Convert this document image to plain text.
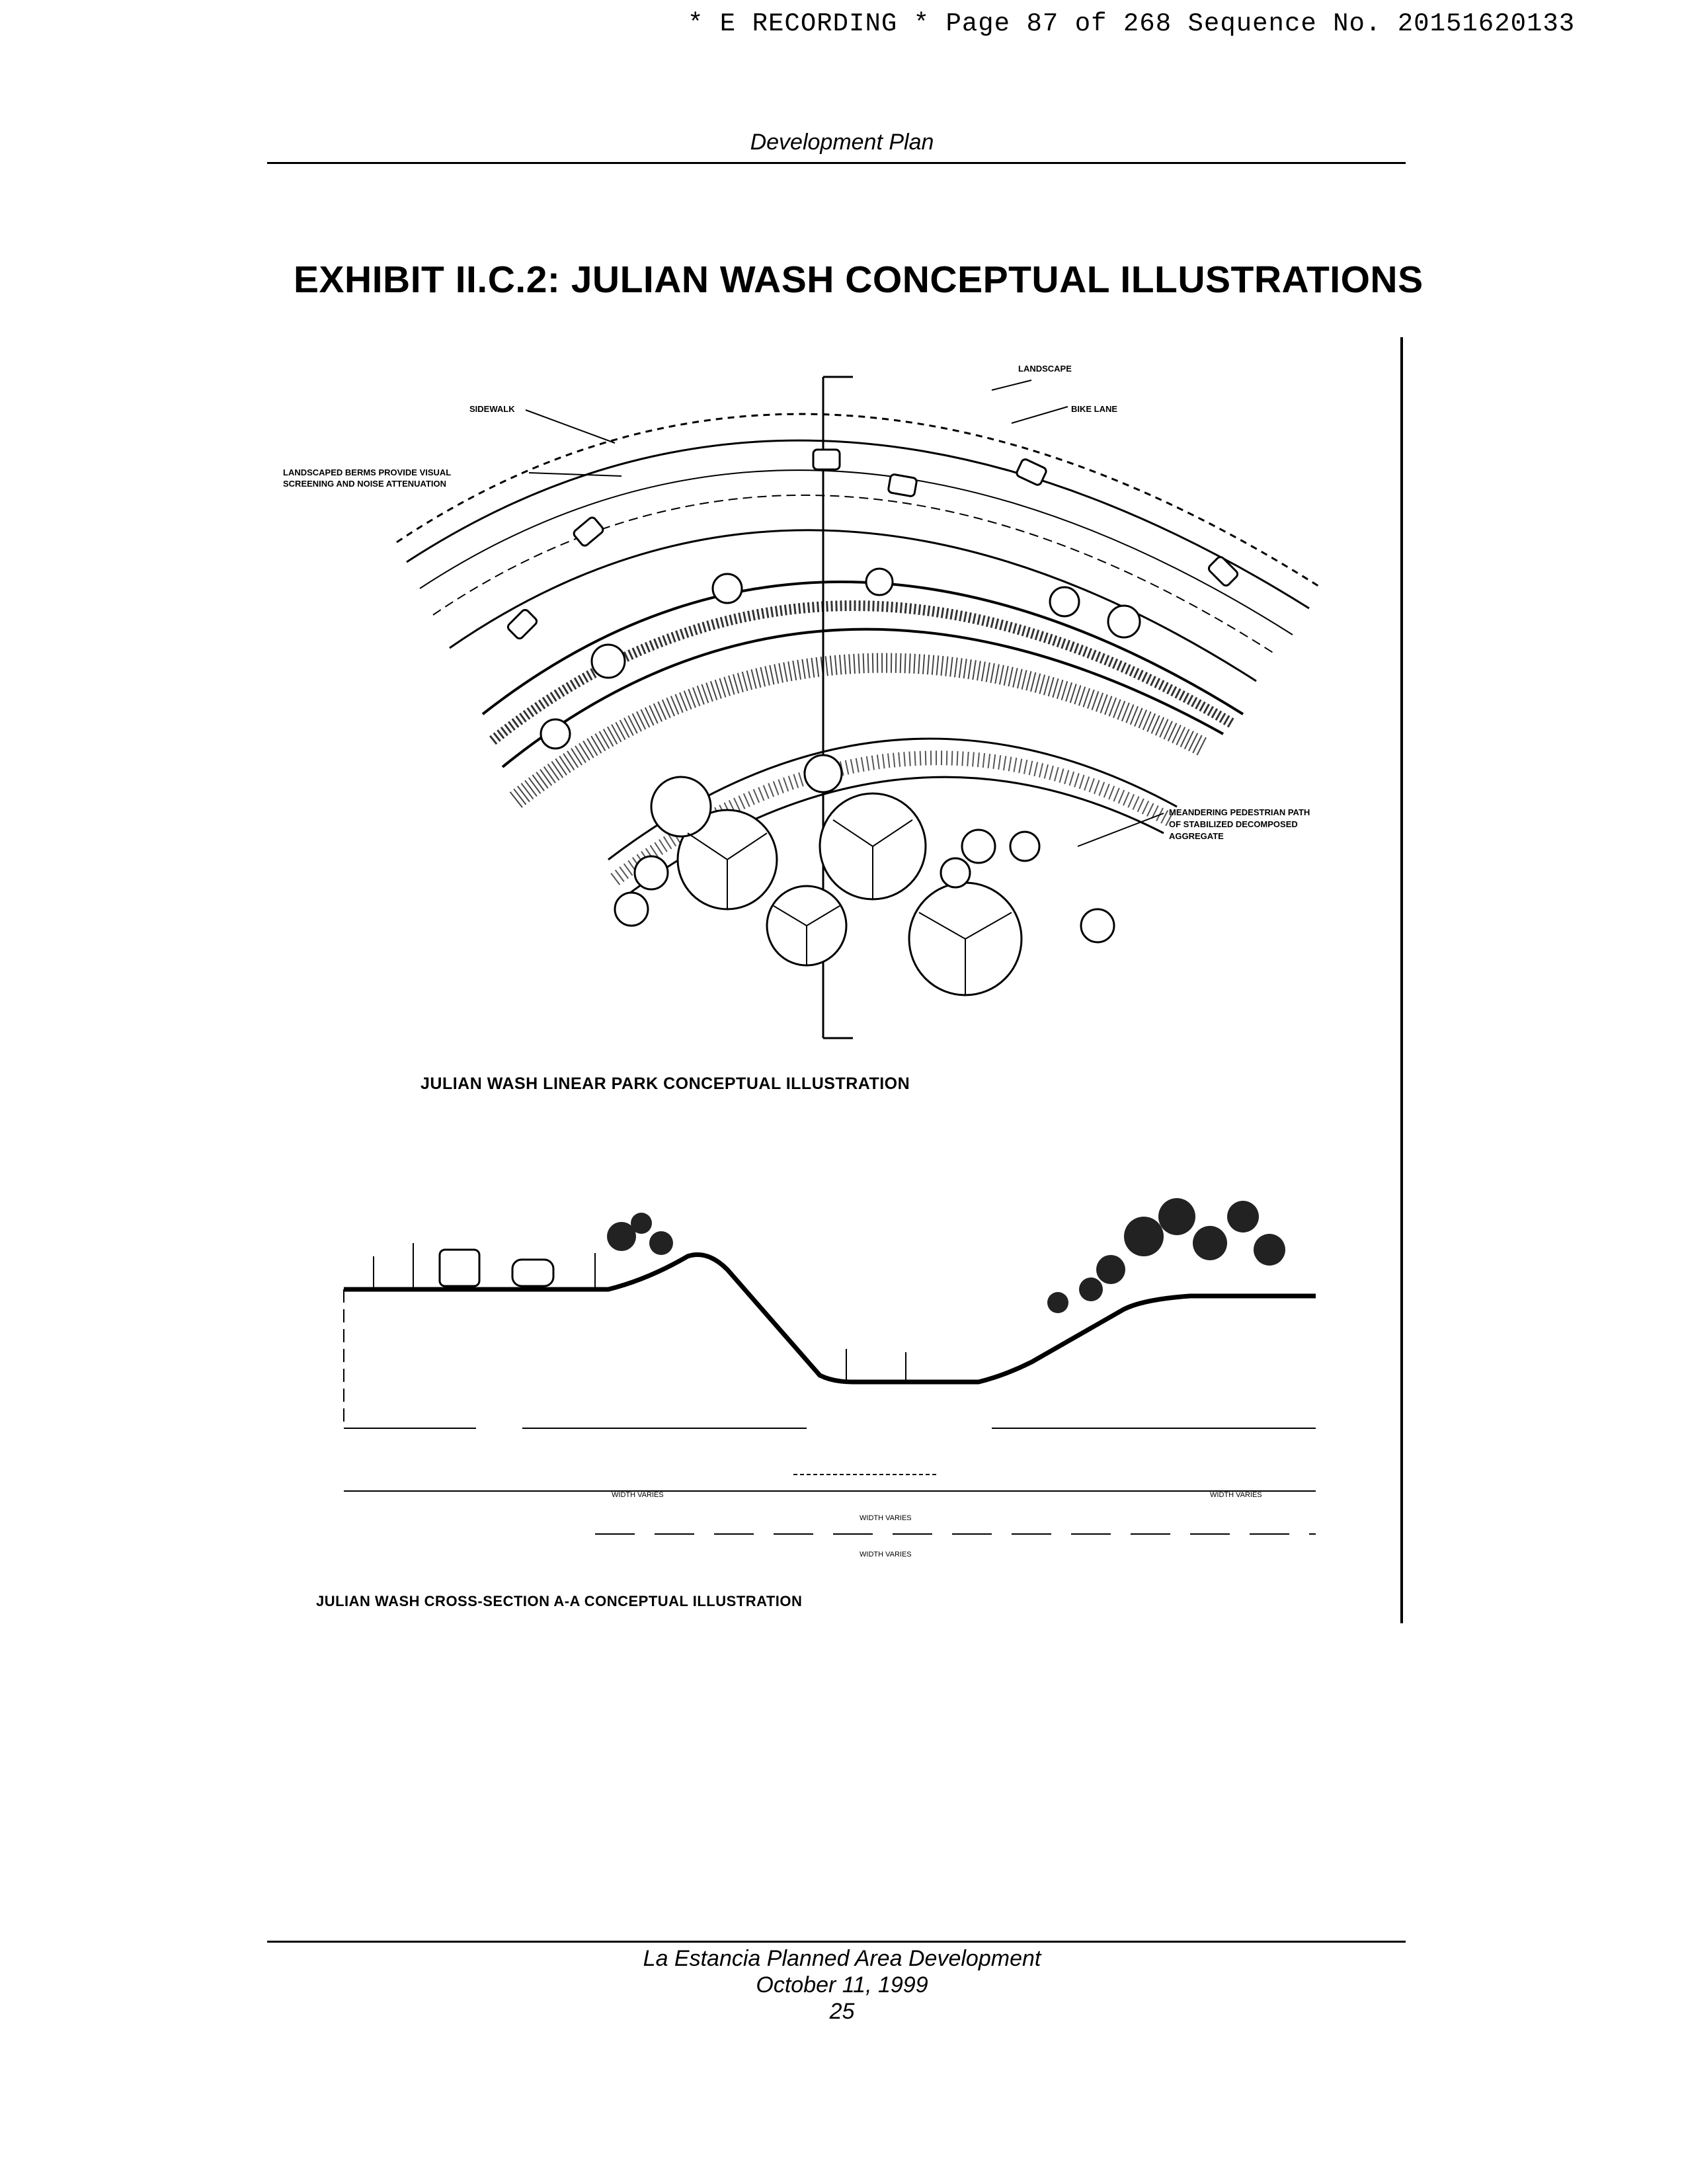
* E RECORDING * Page 87 of 268 Sequence No. 20151620133
Development Plan
EXHIBIT II.C.2: JULIAN WASH CONCEPTUAL ILLUSTRATIONS
LANDSCAPE
SIDEWALK	BIKE LANE
LANDSCAPED BERMS PROVIDE VISUAL
SCREENING AND NOISE ATTENUATION
MEANDERING PEDESTRIAN PATH
OF STABILIZED DECOMPOSED
AGGREGATE
JULIAN WASH LINEAR PARK CONCEPTUAL ILLUSTRATION
WIDTH VARIES
WIDTH VARIES
WIDTH VARIES
WIDTH VARIES
JULIAN WASH CROSS-SECTION A-A CONCEPTUAL ILLUSTRATION
La Estancia Planned Area Development
October 11, 1999
25
